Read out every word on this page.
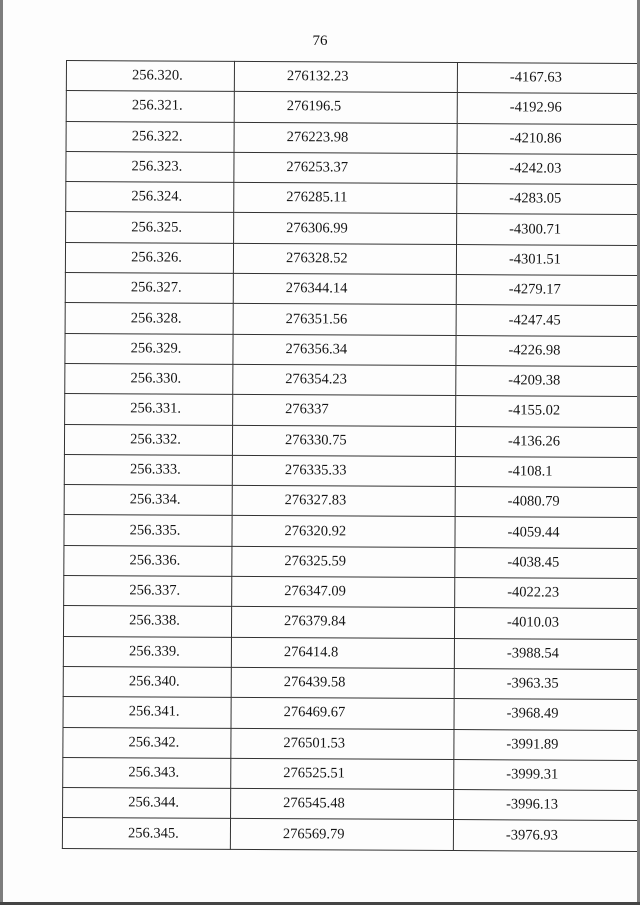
76
256.320.	276132.23	-4167.63
256.321.	276196.5	-4192.96
256.322.	276223.98	-4210.86
256.323.	276253.37	-4242.03
256.324.	276285.11	-4283.05
256.325.	276306.99	-4300.71
256.326.	276328.52	-4301.51
256.327.	276344.14	-4279.17
256.328.	276351.56	-4247.45
256.329.	276356.34	-4226.98
256.330.	276354.23	-4209.38
256.331.	276337	-4155.02
256.332.	276330.75	-4136.26
256.333.	276335.33	-4108.1
256.334.	276327.83	-4080.79
256.335.	276320.92	-4059.44
256.336.	276325.59	-4038.45
256.337.	276347.09	-4022.23
256.338.	276379.84	-4010.03
256.339.	276414.8	-3988.54
256.340.	276439.58	-3963.35
256.341.	276469.67	-3968.49
256.342.	276501.53	-3991.89
256.343.	276525.51	-3999.31
256.344.	276545.48	-3996.13
256.345.	276569.79	-3976.93
